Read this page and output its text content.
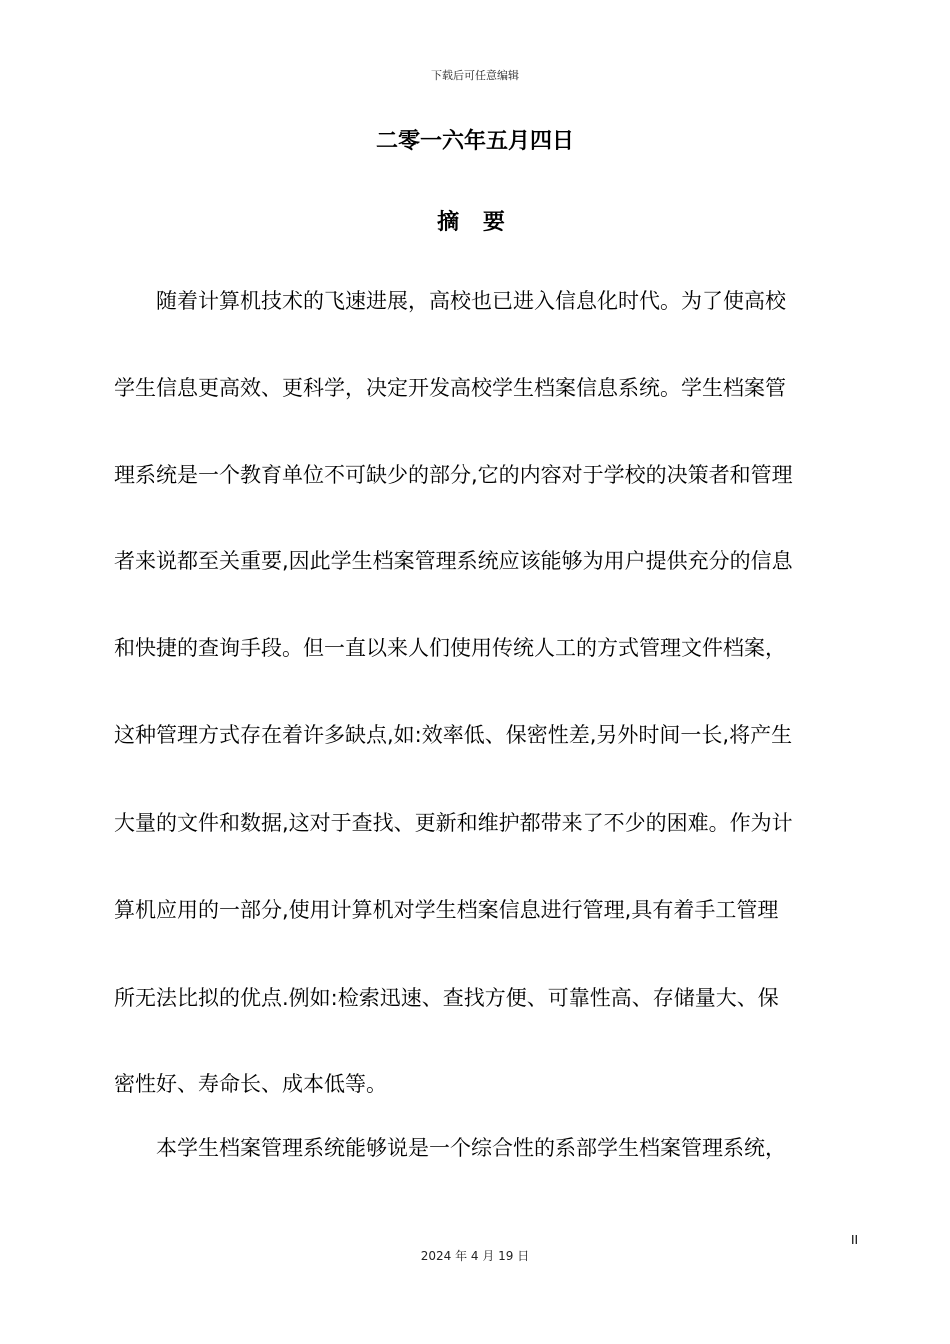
下载后可任意编辑
二零一六年五月四日
摘 要
　　随着计算机技术的飞速进展，高校也已进入信息化时代。为了使高校
学生信息更高效、更科学，决定开发高校学生档案信息系统。学生档案管
理系统是一个教育单位不可缺少的部分,它的内容对于学校的决策者和管理
者来说都至关重要,因此学生档案管理系统应该能够为用户提供充分的信息
和快捷的查询手段。但一直以来人们使用传统人工的方式管理文件档案，
这种管理方式存在着许多缺点,如:效率低、保密性差,另外时间一长,将产生
大量的文件和数据,这对于查找、更新和维护都带来了不少的困难。作为计
算机应用的一部分,使用计算机对学生档案信息进行管理,具有着手工管理
所无法比拟的优点.例如:检索迅速、查找方便、可靠性高、存储量大、保
密性好、寿命长、成本低等。
　　本学生档案管理系统能够说是一个综合性的系部学生档案管理系统，
II
2024 年 4 月 19 日
